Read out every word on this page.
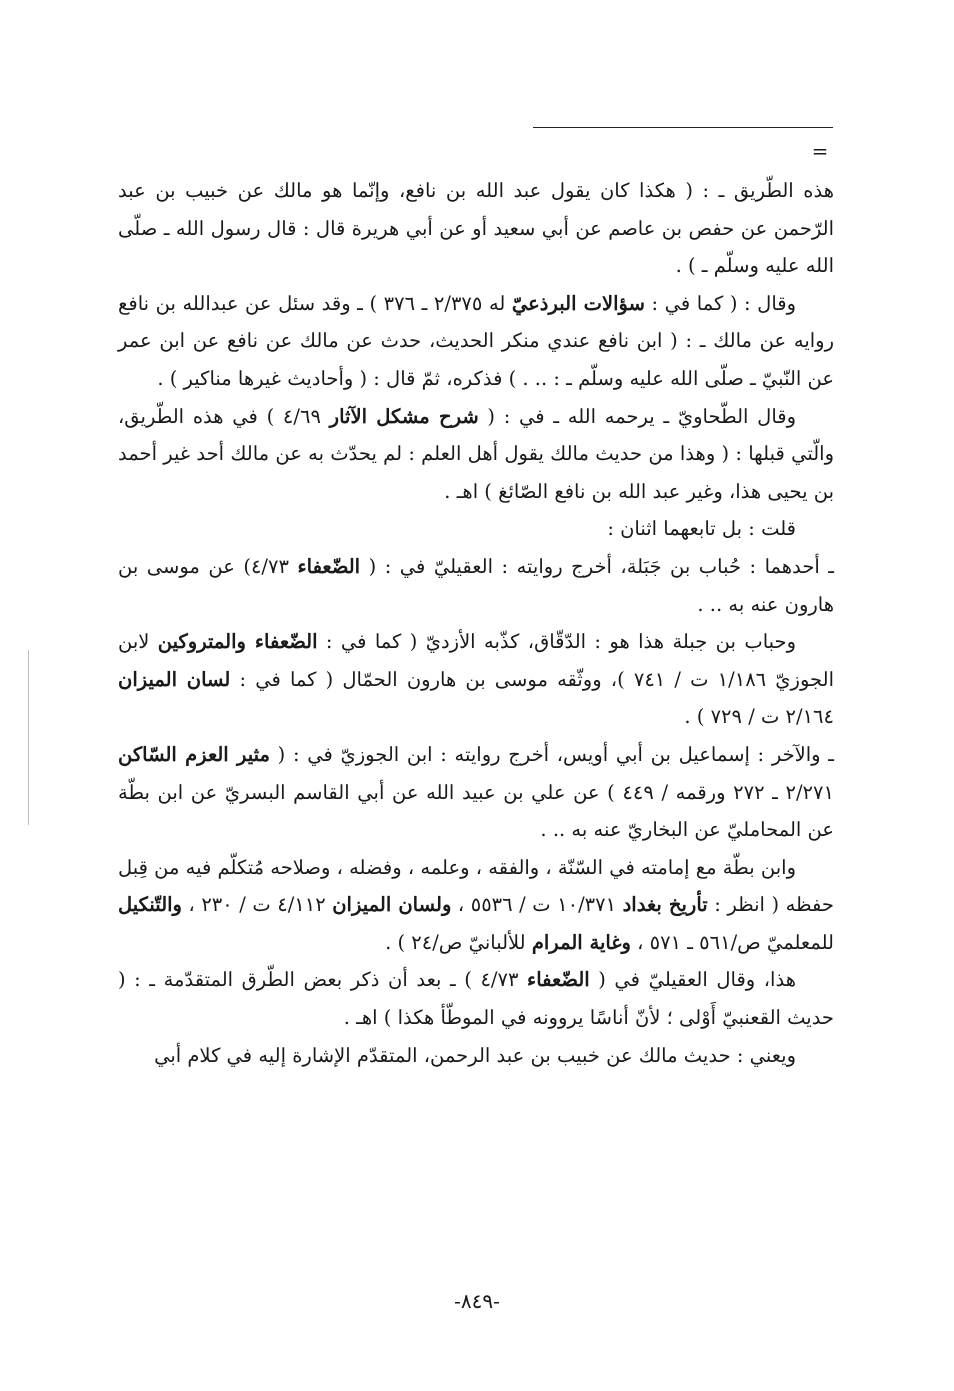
=

هذه الطّريق ـ : ( هكذا كان يقول عبد الله بن نافع، وإنّما هو مالك عن خبيب بن عبد الرّحمن عن حفص بن عاصم عن أبي سعيد أو عن أبي هريرة قال : قال رسول الله ـ صلّى الله عليه وسلّم ـ ) .

وقال : ( كما في : سؤالات البرذعيّ له ٢/٣٧٥ ـ ٣٧٦ ) ـ وقد سئل عن عبدالله بن نافع روايه عن مالك ـ : ( ابن نافع عندي منكر الحديث، حدث عن مالك عن نافع عن ابن عمر عن النّبيّ ـ صلّى الله عليه وسلّم ـ : .. . ) فذكره، ثمّ قال : ( وأحاديث غيرها مناكير ) .

وقال الطّحاويّ ـ يرحمه الله ـ في : ( شرح مشكل الآثار ٤/٦٩ ) في هذه الطّريق، والّتي قبلها : ( وهذا من حديث مالك يقول أهل العلم : لم يحدّث به عن مالك أحد غير أحمد بن يحيى هذا، وغير عبد الله بن نافع الصّائغ ) اهـ .

قلت : بل تابعهما اثنان :

ـ أحدهما : حُباب بن جَبَلة، أخرج روايته : العقيليّ في : ( الضّعفاء ٤/٧٣) عن موسى بن هارون عنه به .. .

وحباب بن جبلة هذا هو : الدّقّاق، كذّبه الأزديّ ( كما في : الضّعفاء والمتروكين لابن الجوزيّ ١/١٨٦ ت / ٧٤١ )، ووثّقه موسى بن هارون الحمّال ( كما في : لسان الميزان ٢/١٦٤ ت / ٧٢٩ ) .

ـ والآخر : إسماعيل بن أبي أويس، أخرج روايته : ابن الجوزيّ في : ( مثير العزم السّاكن ٢/٢٧١ ـ ٢٧٢ ورقمه / ٤٤٩ ) عن علي بن عبيد الله عن أبي القاسم البسريّ عن ابن بطّة عن المحامليّ عن البخاريّ عنه به .. .

وابن بطّة مع إمامته في السّنّة ، والفقه ، وعلمه ، وفضله ، وصلاحه مُتكلّم فيه من قِبل حفظه ( انظر : تأريخ بغداد ١٠/٣٧١ ت / ٥٥٣٦ ، ولسان الميزان ٤/١١٢ ت / ٢٣٠ ، والتّنكيل للمعلميّ ص/٥٦١ ـ ٥٧١ ، وغاية المرام للألبانيّ ص/٢٤ ) .

هذا، وقال العقيليّ في ( الضّعفاء ٤/٧٣ ) ـ بعد أن ذكر بعض الطّرق المتقدّمة ـ : ( حديث القعنبيّ أَوْلى ؛ لأنّ أناسًا يروونه في الموطّأ هكذا ) اهـ .

ويعني : حديث مالك عن خبيب بن عبد الرحمن، المتقدّم الإشارة إليه في كلام أبي

-٨٤٩-
